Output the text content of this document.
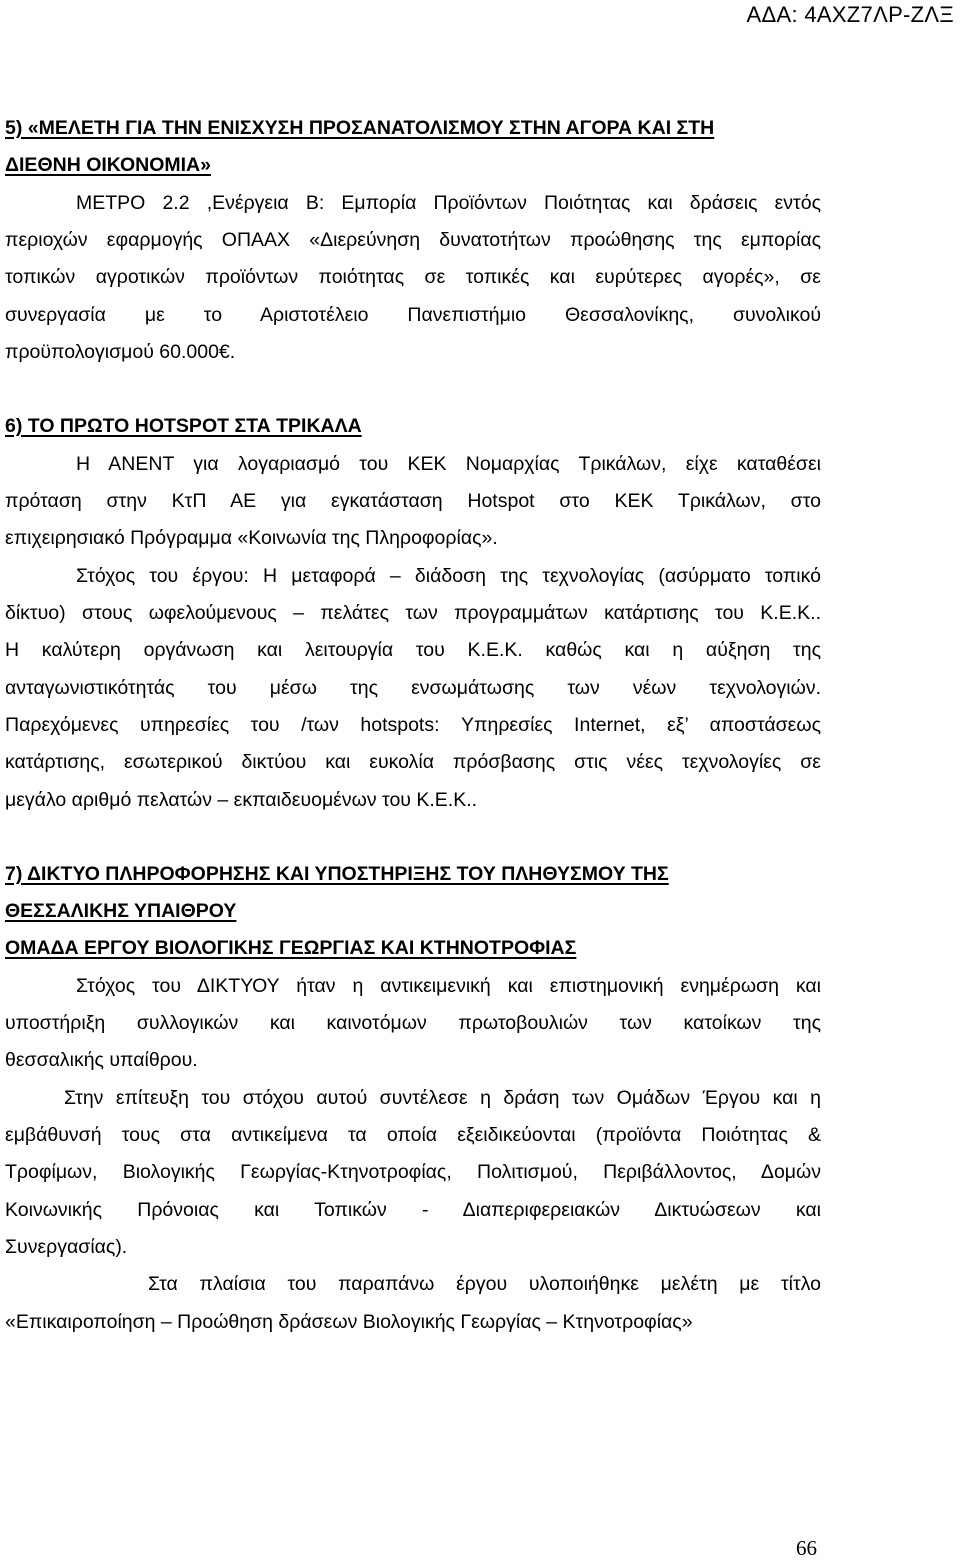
ΑΔΑ: 4ΑΧΖ7ΛΡ-ΖΛΞ
5) «ΜΕΛΕΤΗ ΓΙΑ ΤΗΝ ΕΝΙΣΧΥΣΗ ΠΡΟΣΑΝΑΤΟΛΙΣΜΟΥ ΣΤΗΝ ΑΓΟΡΑ ΚΑΙ ΣΤΗ
ΔΙΕΘΝΗ ΟΙΚΟΝΟΜΙΑ»
ΜΕΤΡΟ 2.2 ,Ενέργεια Β: Εμπορία Προϊόντων Ποιότητας και δράσεις εντός
περιοχών εφαρμογής ΟΠΑΑΧ «Διερεύνηση δυνατοτήτων προώθησης της εμπορίας
τοπικών αγροτικών προϊόντων ποιότητας σε τοπικές και ευρύτερες αγορές», σε
συνεργασία με το Αριστοτέλειο Πανεπιστήμιο Θεσσαλονίκης, συνολικού
προϋπολογισμού 60.000€.
6) ΤΟ ΠΡΩΤΟ HOTSPOT ΣΤΑ ΤΡΙΚΑΛΑ
Η ΑΝΕΝΤ για λογαριασμό του ΚΕΚ Νομαρχίας Τρικάλων, είχε καταθέσει
πρόταση στην ΚτΠ ΑΕ για εγκατάσταση Hotspot στο ΚΕΚ Τρικάλων, στο
επιχειρησιακό Πρόγραμμα «Κοινωνία της Πληροφορίας».
Στόχος του έργου: Η μεταφορά – διάδοση της τεχνολογίας (ασύρματο τοπικό
δίκτυο) στους ωφελούμενους – πελάτες των προγραμμάτων κατάρτισης του Κ.Ε.Κ..
Η καλύτερη οργάνωση και λειτουργία του Κ.Ε.Κ. καθώς και η αύξηση της
ανταγωνιστικότητάς του μέσω της ενσωμάτωσης των νέων τεχνολογιών.
Παρεχόμενες υπηρεσίες του /των hotspots: Υπηρεσίες Internet, εξ’ αποστάσεως
κατάρτισης, εσωτερικού δικτύου και ευκολία πρόσβασης στις νέες τεχνολογίες σε
μεγάλο αριθμό πελατών – εκπαιδευομένων του Κ.Ε.Κ..
7) ΔΙΚΤΥΟ ΠΛΗΡΟΦΟΡΗΣΗΣ ΚΑΙ ΥΠΟΣΤΗΡΙΞΗΣ ΤΟΥ ΠΛΗΘΥΣΜΟΥ ΤΗΣ
ΘΕΣΣΑΛΙΚΗΣ ΥΠΑΙΘΡΟΥ
ΟΜΑΔΑ ΕΡΓΟΥ ΒΙΟΛΟΓΙΚΗΣ ΓΕΩΡΓΙΑΣ ΚΑΙ ΚΤΗΝΟΤΡΟΦΙΑΣ
Στόχος του ΔΙΚΤΥΟΥ ήταν η αντικειμενική και επιστημονική ενημέρωση και
υποστήριξη συλλογικών και καινοτόμων πρωτοβουλιών των κατοίκων της
θεσσαλικής υπαίθρου.
Στην επίτευξη του στόχου αυτού συντέλεσε η δράση των Ομάδων Έργου και η
εμβάθυνσή τους στα αντικείμενα τα οποία εξειδικεύονται (προϊόντα Ποιότητας &
Τροφίμων, Βιολογικής Γεωργίας-Κτηνοτροφίας, Πολιτισμού, Περιβάλλοντος, Δομών
Κοινωνικής Πρόνοιας και Τοπικών - Διαπεριφερειακών Δικτυώσεων και
Συνεργασίας).
Στα πλαίσια του παραπάνω έργου υλοποιήθηκε μελέτη με τίτλο
«Επικαιροποίηση – Προώθηση δράσεων Βιολογικής Γεωργίας – Κτηνοτροφίας»
66
